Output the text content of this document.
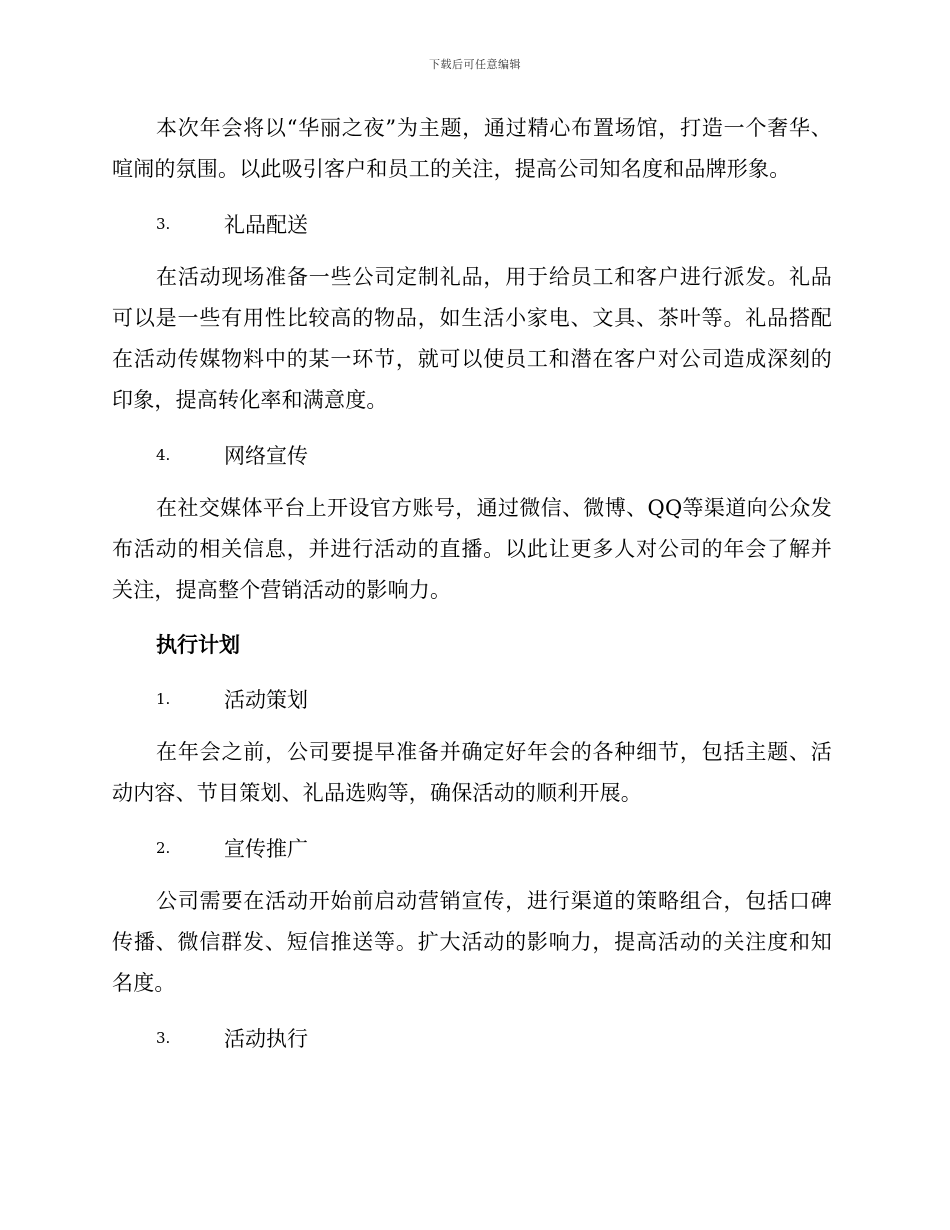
下载后可任意编辑

本次年会将以“华丽之夜”为主题，通过精心布置场馆，打造一个奢华、喧闹的氛围。以此吸引客户和员工的关注，提高公司知名度和品牌形象。

3.	礼品配送

在活动现场准备一些公司定制礼品，用于给员工和客户进行派发。礼品可以是一些有用性比较高的物品，如生活小家电、文具、茶叶等。礼品搭配在活动传媒物料中的某一环节，就可以使员工和潜在客户对公司造成深刻的印象，提高转化率和满意度。

4.	网络宣传

在社交媒体平台上开设官方账号，通过微信、微博、QQ等渠道向公众发布活动的相关信息，并进行活动的直播。以此让更多人对公司的年会了解并关注，提高整个营销活动的影响力。

执行计划

1.	活动策划

在年会之前，公司要提早准备并确定好年会的各种细节，包括主题、活动内容、节目策划、礼品选购等，确保活动的顺利开展。

2.	宣传推广

公司需要在活动开始前启动营销宣传，进行渠道的策略组合，包括口碑传播、微信群发、短信推送等。扩大活动的影响力，提高活动的关注度和知名度。

3.	活动执行
